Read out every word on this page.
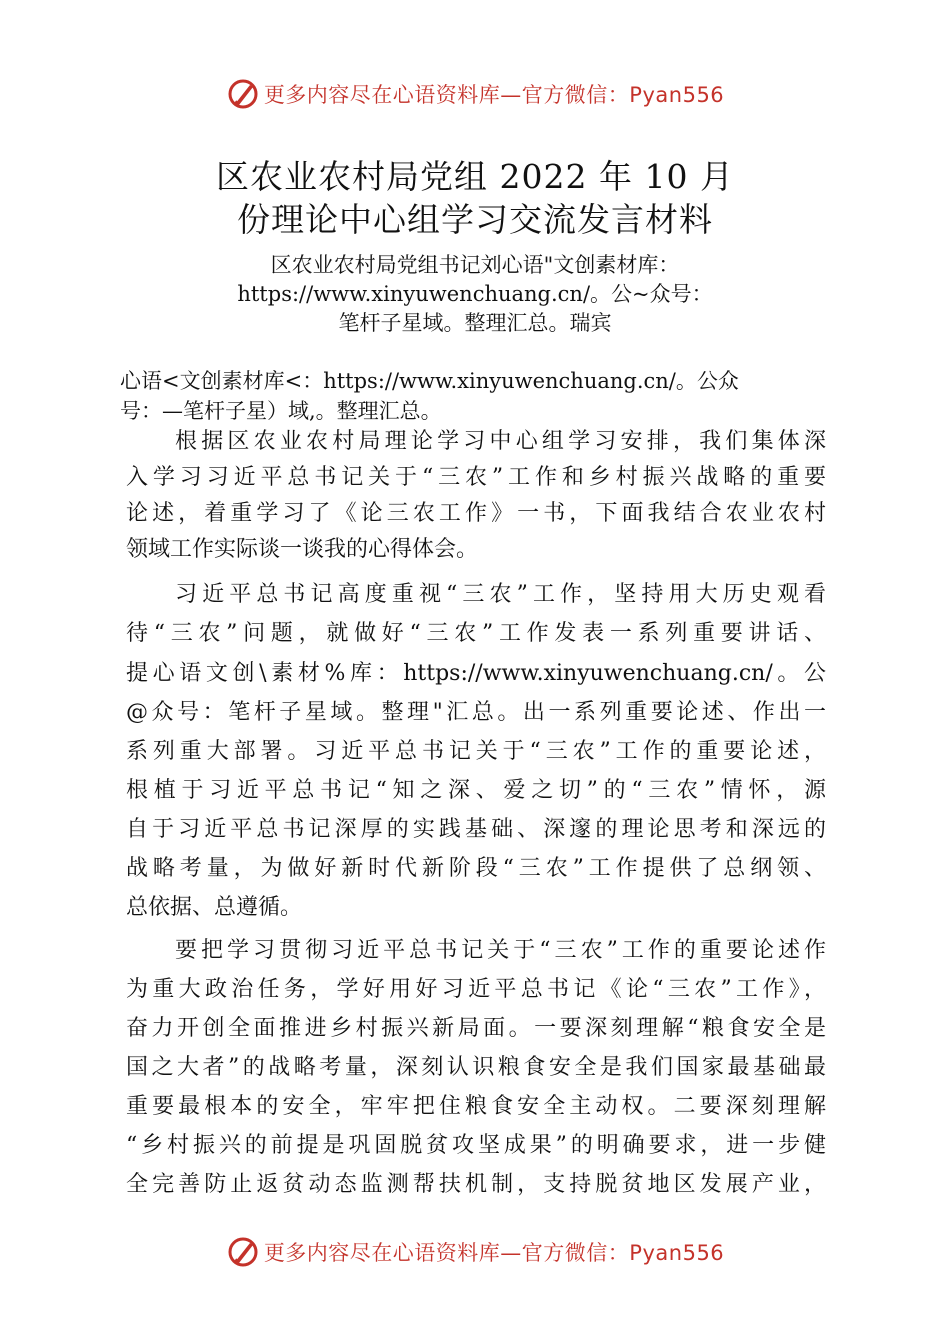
更多内容尽在心语资料库—官方微信：Pyan556
区农业农村局党组 2022 年 10 月
份理论中心组学习交流发言材料
区农业农村局党组书记刘心语"文创素材库：
https://www.xinyuwenchuang.cn/。公~众号：
笔杆子星域。整理汇总。瑞宾
心语<文创素材库<：https://www.xinyuwenchuang.cn/。公众
号：—笔杆子星）域,。整理汇总。
根据区农业农村局理论学习中心组学习安排，我们集体深
入学习习近平总书记关于“三农”工作和乡村振兴战略的重要
论述，着重学习了《论三农工作》一书，下面我结合农业农村
领域工作实际谈一谈我的心得体会。
习近平总书记高度重视“三农”工作，坚持用大历史观看
待“三农”问题，就做好“三农”工作发表一系列重要讲话、
提心语文创\素材%库：https://www.xinyuwenchuang.cn/。公
@众号：笔杆子星域。整理"汇总。出一系列重要论述、作出一
系列重大部署。习近平总书记关于“三农”工作的重要论述，
根植于习近平总书记“知之深、爱之切”的“三农”情怀，源
自于习近平总书记深厚的实践基础、深邃的理论思考和深远的
战略考量，为做好新时代新阶段“三农”工作提供了总纲领、
总依据、总遵循。
要把学习贯彻习近平总书记关于“三农”工作的重要论述作
为重大政治任务，学好用好习近平总书记《论“三农”工作》，
奋力开创全面推进乡村振兴新局面。一要深刻理解“粮食安全是
国之大者”的战略考量，深刻认识粮食安全是我们国家最基础最
重要最根本的安全，牢牢把住粮食安全主动权。二要深刻理解
“乡村振兴的前提是巩固脱贫攻坚成果”的明确要求，进一步健
全完善防止返贫动态监测帮扶机制，支持脱贫地区发展产业，
更多内容尽在心语资料库—官方微信：Pyan556
